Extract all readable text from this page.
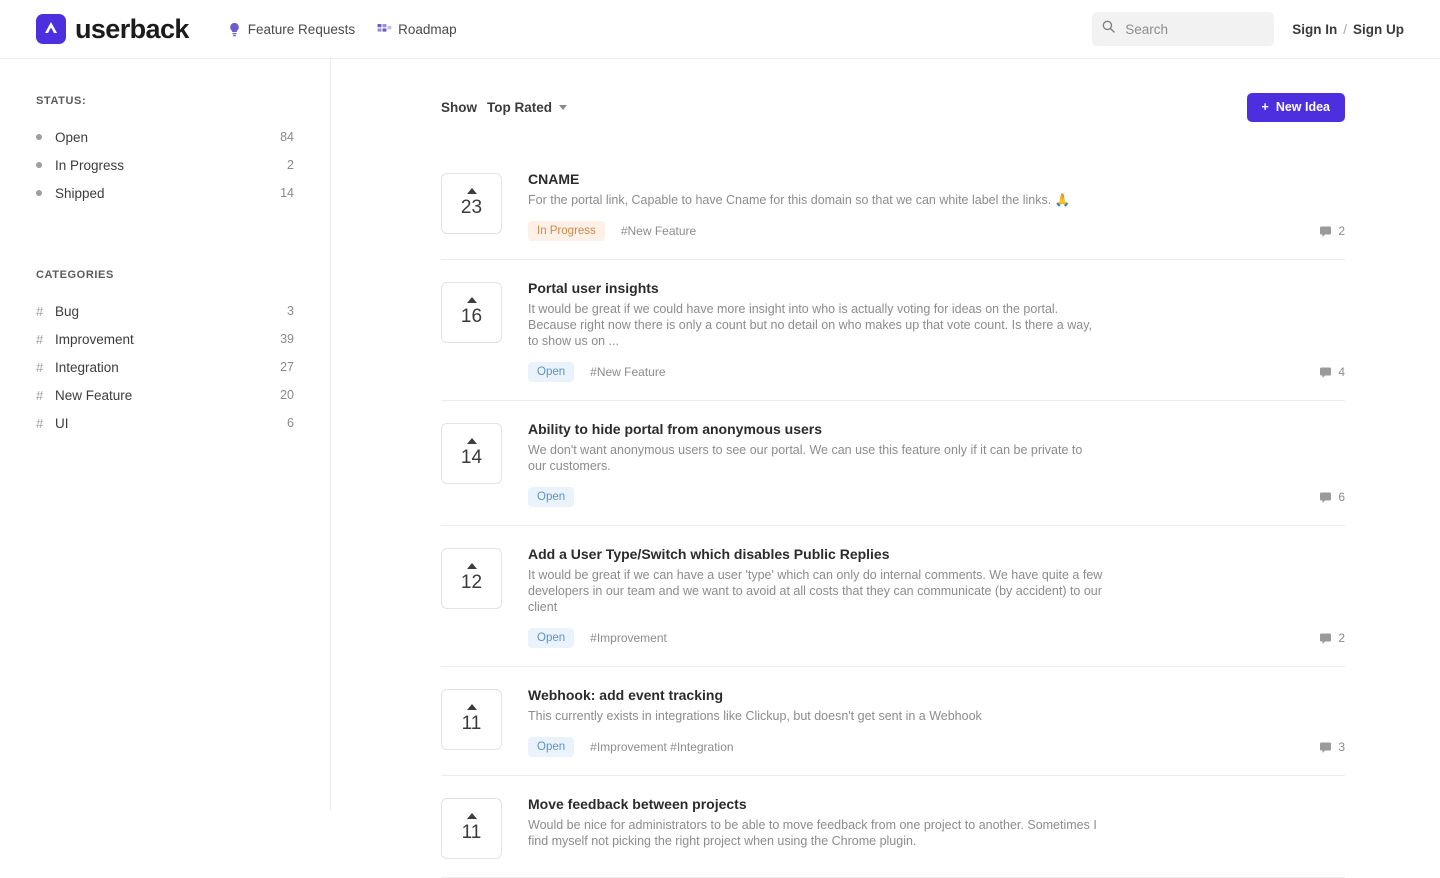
userback	Feature Requests	Roadmap
Search	Sign In / Sign Up
STATUS:
Open	84
In Progress	2
Shipped	14
CATEGORIES
# Bug	3
# Improvement	39
# Integration	27
# New Feature	20
# UI	6
Show Top Rated	+ New Idea
23
CNAME
For the portal link, Capable to have Cname for this domain so that we can white label the links. 🙏
In Progress	#New Feature	2
16
Portal user insights
It would be great if we could have more insight into who is actually voting for ideas on the portal. Because right now there is only a count but no detail on who makes up that vote count. Is there a way, to show us on ...
Open	#New Feature	4
14
Ability to hide portal from anonymous users
We don't want anonymous users to see our portal. We can use this feature only if it can be private to our customers.
Open	6
12
Add a User Type/Switch which disables Public Replies
It would be great if we can have a user 'type' which can only do internal comments. We have quite a few developers in our team and we want to avoid at all costs that they can communicate (by accident) to our client
Open	#Improvement	2
11
Webhook: add event tracking
This currently exists in integrations like Clickup, but doesn't get sent in a Webhook
Open	#Improvement #Integration	3
11
Move feedback between projects
Would be nice for administrators to be able to move feedback from one project to another. Sometimes I find myself not picking the right project when using the Chrome plugin.
